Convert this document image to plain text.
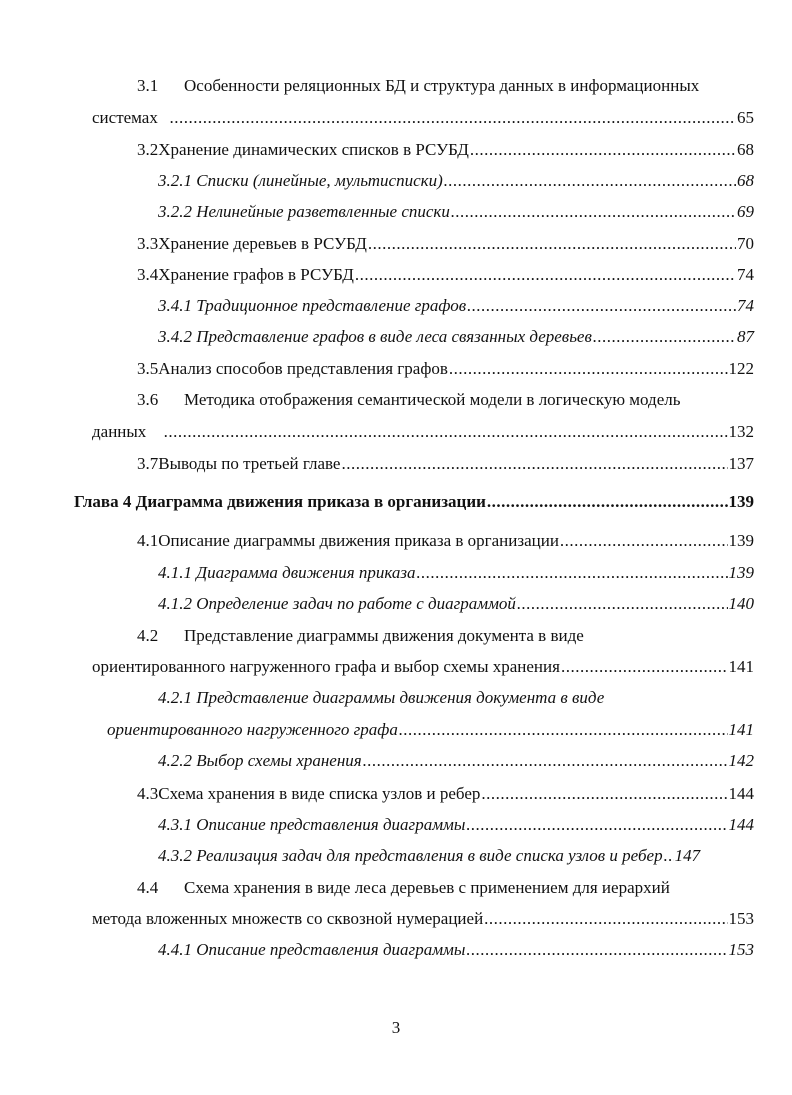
3.1	Особенности реляционных БД и структура данных в информационных
системах .....	65
3.2 Хранение динамических списков в РСУБД .....	68
3.2.1 Списки (линейные, мультисписки) .....	68
3.2.2 Нелинейные разветвленные списки .....	69
3.3 Хранение деревьев в РСУБД .....	70
3.4 Хранение графов в РСУБД .....	74
3.4.1 Традиционное представление графов .....	74
3.4.2 Представление графов в виде леса связанных деревьев .....	87
3.5 Анализ способов представления графов .....	122
3.6	Методика отображения семантической модели в логическую модель
данных .....	132
3.7 Выводы по третьей главе .....	137
Глава 4 Диаграмма движения приказа в организации .....	139
4.1 Описание диаграммы движения приказа в организации .....	139
4.1.1 Диаграмма движения приказа .....	139
4.1.2 Определение задач по работе с диаграммой .....	140
4.2	Представление диаграммы движения документа в виде
ориентированного нагруженного графа и выбор схемы хранения .....	141
4.2.1 Представление диаграммы движения документа в виде
ориентированного нагруженного графа .....	141
4.2.2 Выбор схемы хранения .....	142
4.3 Схема хранения в виде списка узлов и ребер .....	144
4.3.1 Описание представления диаграммы .....	144
4.3.2 Реализация задач для представления в виде списка узлов и ребер ..... 147
4.4	Схема хранения в виде леса деревьев с применением для иерархий
метода вложенных множеств со сквозной нумерацией .....	153
4.4.1 Описание представления диаграммы .....	153
3
